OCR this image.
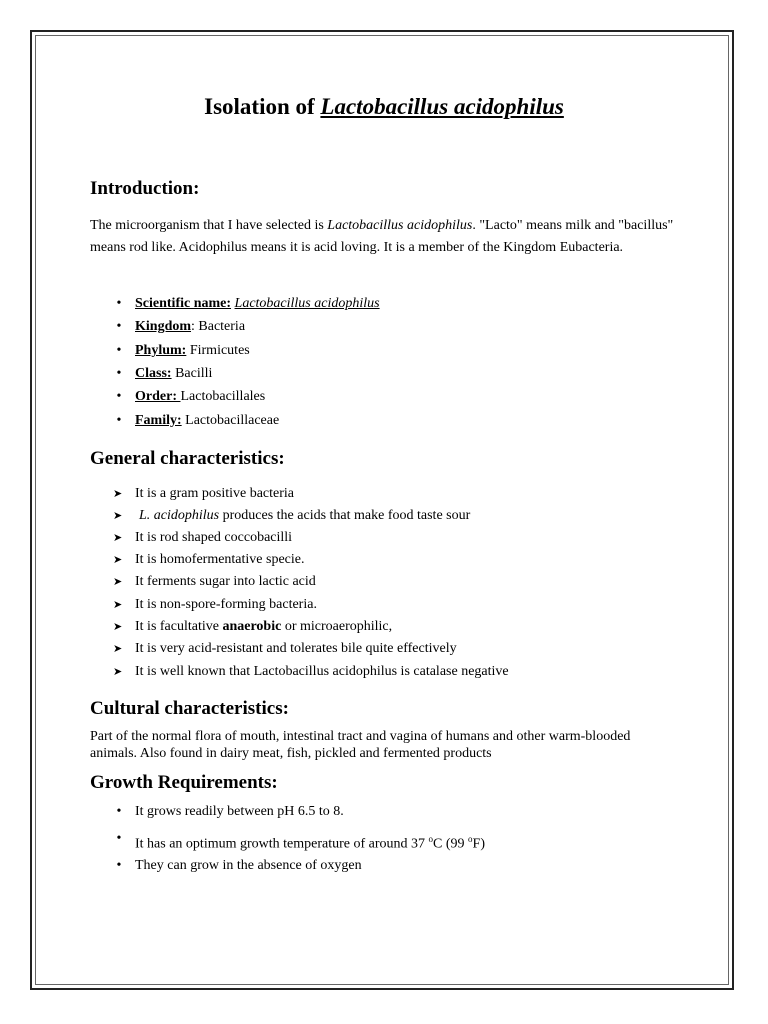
Isolation of Lactobacillus acidophilus
Introduction:
The microorganism that I have selected is Lactobacillus acidophilus. "Lacto" means milk and "bacillus" means rod like. Acidophilus means it is acid loving. It is a member of the Kingdom Eubacteria.
• Scientific name: Lactobacillus acidophilus
• Kingdom: Bacteria
• Phylum: Firmicutes
• Class: Bacilli
• Order: Lactobacillales
• Family: Lactobacillaceae
General characteristics:
➤ It is a gram positive bacteria
➤ L. acidophilus produces the acids that make food taste sour
➤ It is rod shaped coccobacilli
➤ It is homofermentative specie.
➤ It ferments sugar into lactic acid
➤ It is non-spore-forming bacteria.
➤ It is facultative anaerobic or microaerophilic,
➤ It is very acid-resistant and tolerates bile quite effectively
➤ It is well known that Lactobacillus acidophilus is catalase negative
Cultural characteristics:
Part of the normal flora of mouth, intestinal tract and vagina of humans and other warm-blooded animals. Also found in dairy meat, fish, pickled and fermented products
Growth Requirements:
• It grows readily between pH 6.5 to 8.
• It has an optimum growth temperature of around 37 $^o$C (99 $^o$F)
• They can grow in the absence of oxygen
